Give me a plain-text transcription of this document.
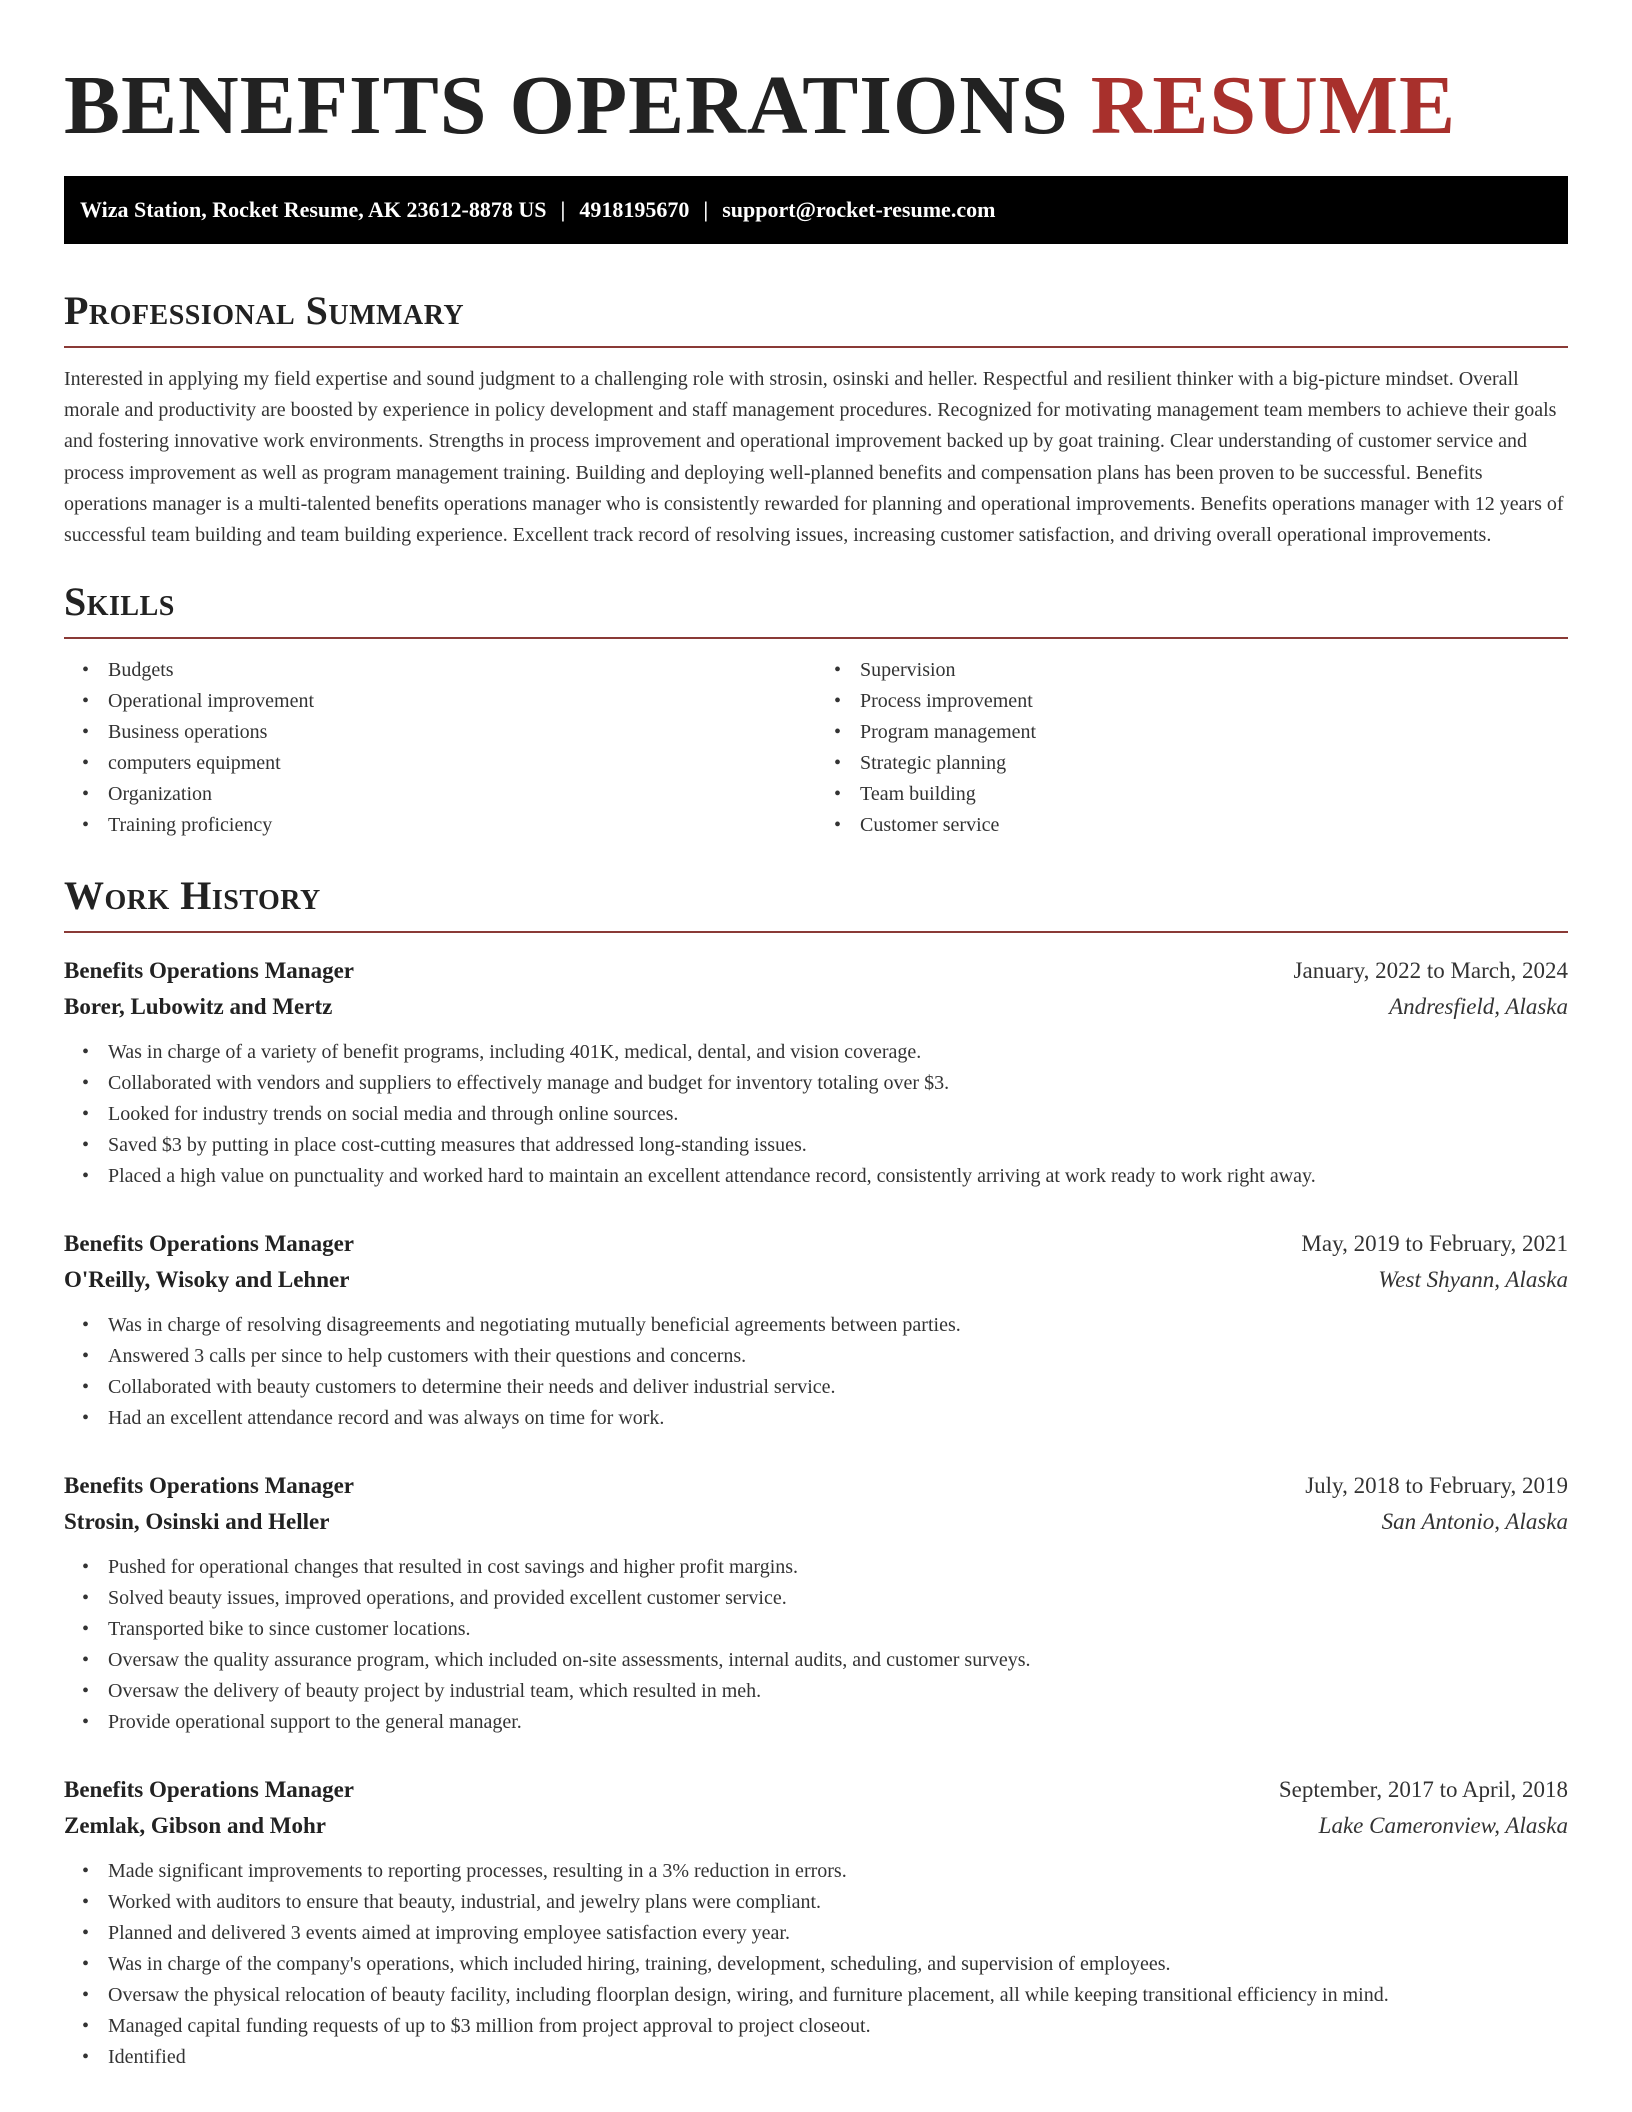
BENEFITS OPERATIONS RESUME
Wiza Station, Rocket Resume, AK 23612-8878 US | 4918195670 | support@rocket-resume.com
Professional Summary

Interested in applying my field expertise and sound judgment to a challenging role with strosin, osinski and heller. Respectful and resilient thinker with a big-picture mindset. Overall morale and productivity are boosted by experience in policy development and staff management procedures. Recognized for motivating management team members to achieve their goals and fostering innovative work environments. Strengths in process improvement and operational improvement backed up by goat training. Clear understanding of customer service and process improvement as well as program management training. Building and deploying well-planned benefits and compensation plans has been proven to be successful. Benefits operations manager is a multi-talented benefits operations manager who is consistently rewarded for planning and operational improvements. Benefits operations manager with 12 years of successful team building and team building experience. Excellent track record of resolving issues, increasing customer satisfaction, and driving overall operational improvements.

Skills
• Budgets
• Operational improvement
• Business operations
• computers equipment
• Organization
• Training proficiency
• Supervision
• Process improvement
• Program management
• Strategic planning
• Team building
• Customer service
Work History
Benefits Operations Manager	January, 2022 to March, 2024
Borer, Lubowitz and Mertz	Andresfield, Alaska
• Was in charge of a variety of benefit programs, including 401K, medical, dental, and vision coverage.
• Collaborated with vendors and suppliers to effectively manage and budget for inventory totaling over $3.
• Looked for industry trends on social media and through online sources.
• Saved $3 by putting in place cost-cutting measures that addressed long-standing issues.
• Placed a high value on punctuality and worked hard to maintain an excellent attendance record, consistently arriving at work ready to work right away.
Benefits Operations Manager	May, 2019 to February, 2021
O'Reilly, Wisoky and Lehner	West Shyann, Alaska
• Was in charge of resolving disagreements and negotiating mutually beneficial agreements between parties.
• Answered 3 calls per since to help customers with their questions and concerns.
• Collaborated with beauty customers to determine their needs and deliver industrial service.
• Had an excellent attendance record and was always on time for work.
Benefits Operations Manager	July, 2018 to February, 2019
Strosin, Osinski and Heller	San Antonio, Alaska
• Pushed for operational changes that resulted in cost savings and higher profit margins.
• Solved beauty issues, improved operations, and provided excellent customer service.
• Transported bike to since customer locations.
• Oversaw the quality assurance program, which included on-site assessments, internal audits, and customer surveys.
• Oversaw the delivery of beauty project by industrial team, which resulted in meh.
• Provide operational support to the general manager.
Benefits Operations Manager	September, 2017 to April, 2018
Zemlak, Gibson and Mohr	Lake Cameronview, Alaska
• Made significant improvements to reporting processes, resulting in a 3% reduction in errors.
• Worked with auditors to ensure that beauty, industrial, and jewelry plans were compliant.
• Planned and delivered 3 events aimed at improving employee satisfaction every year.
• Was in charge of the company's operations, which included hiring, training, development, scheduling, and supervision of employees.
• Oversaw the physical relocation of beauty facility, including floorplan design, wiring, and furniture placement, all while keeping transitional efficiency in mind.
• Managed capital funding requests of up to $3 million from project approval to project closeout.
• Identified
